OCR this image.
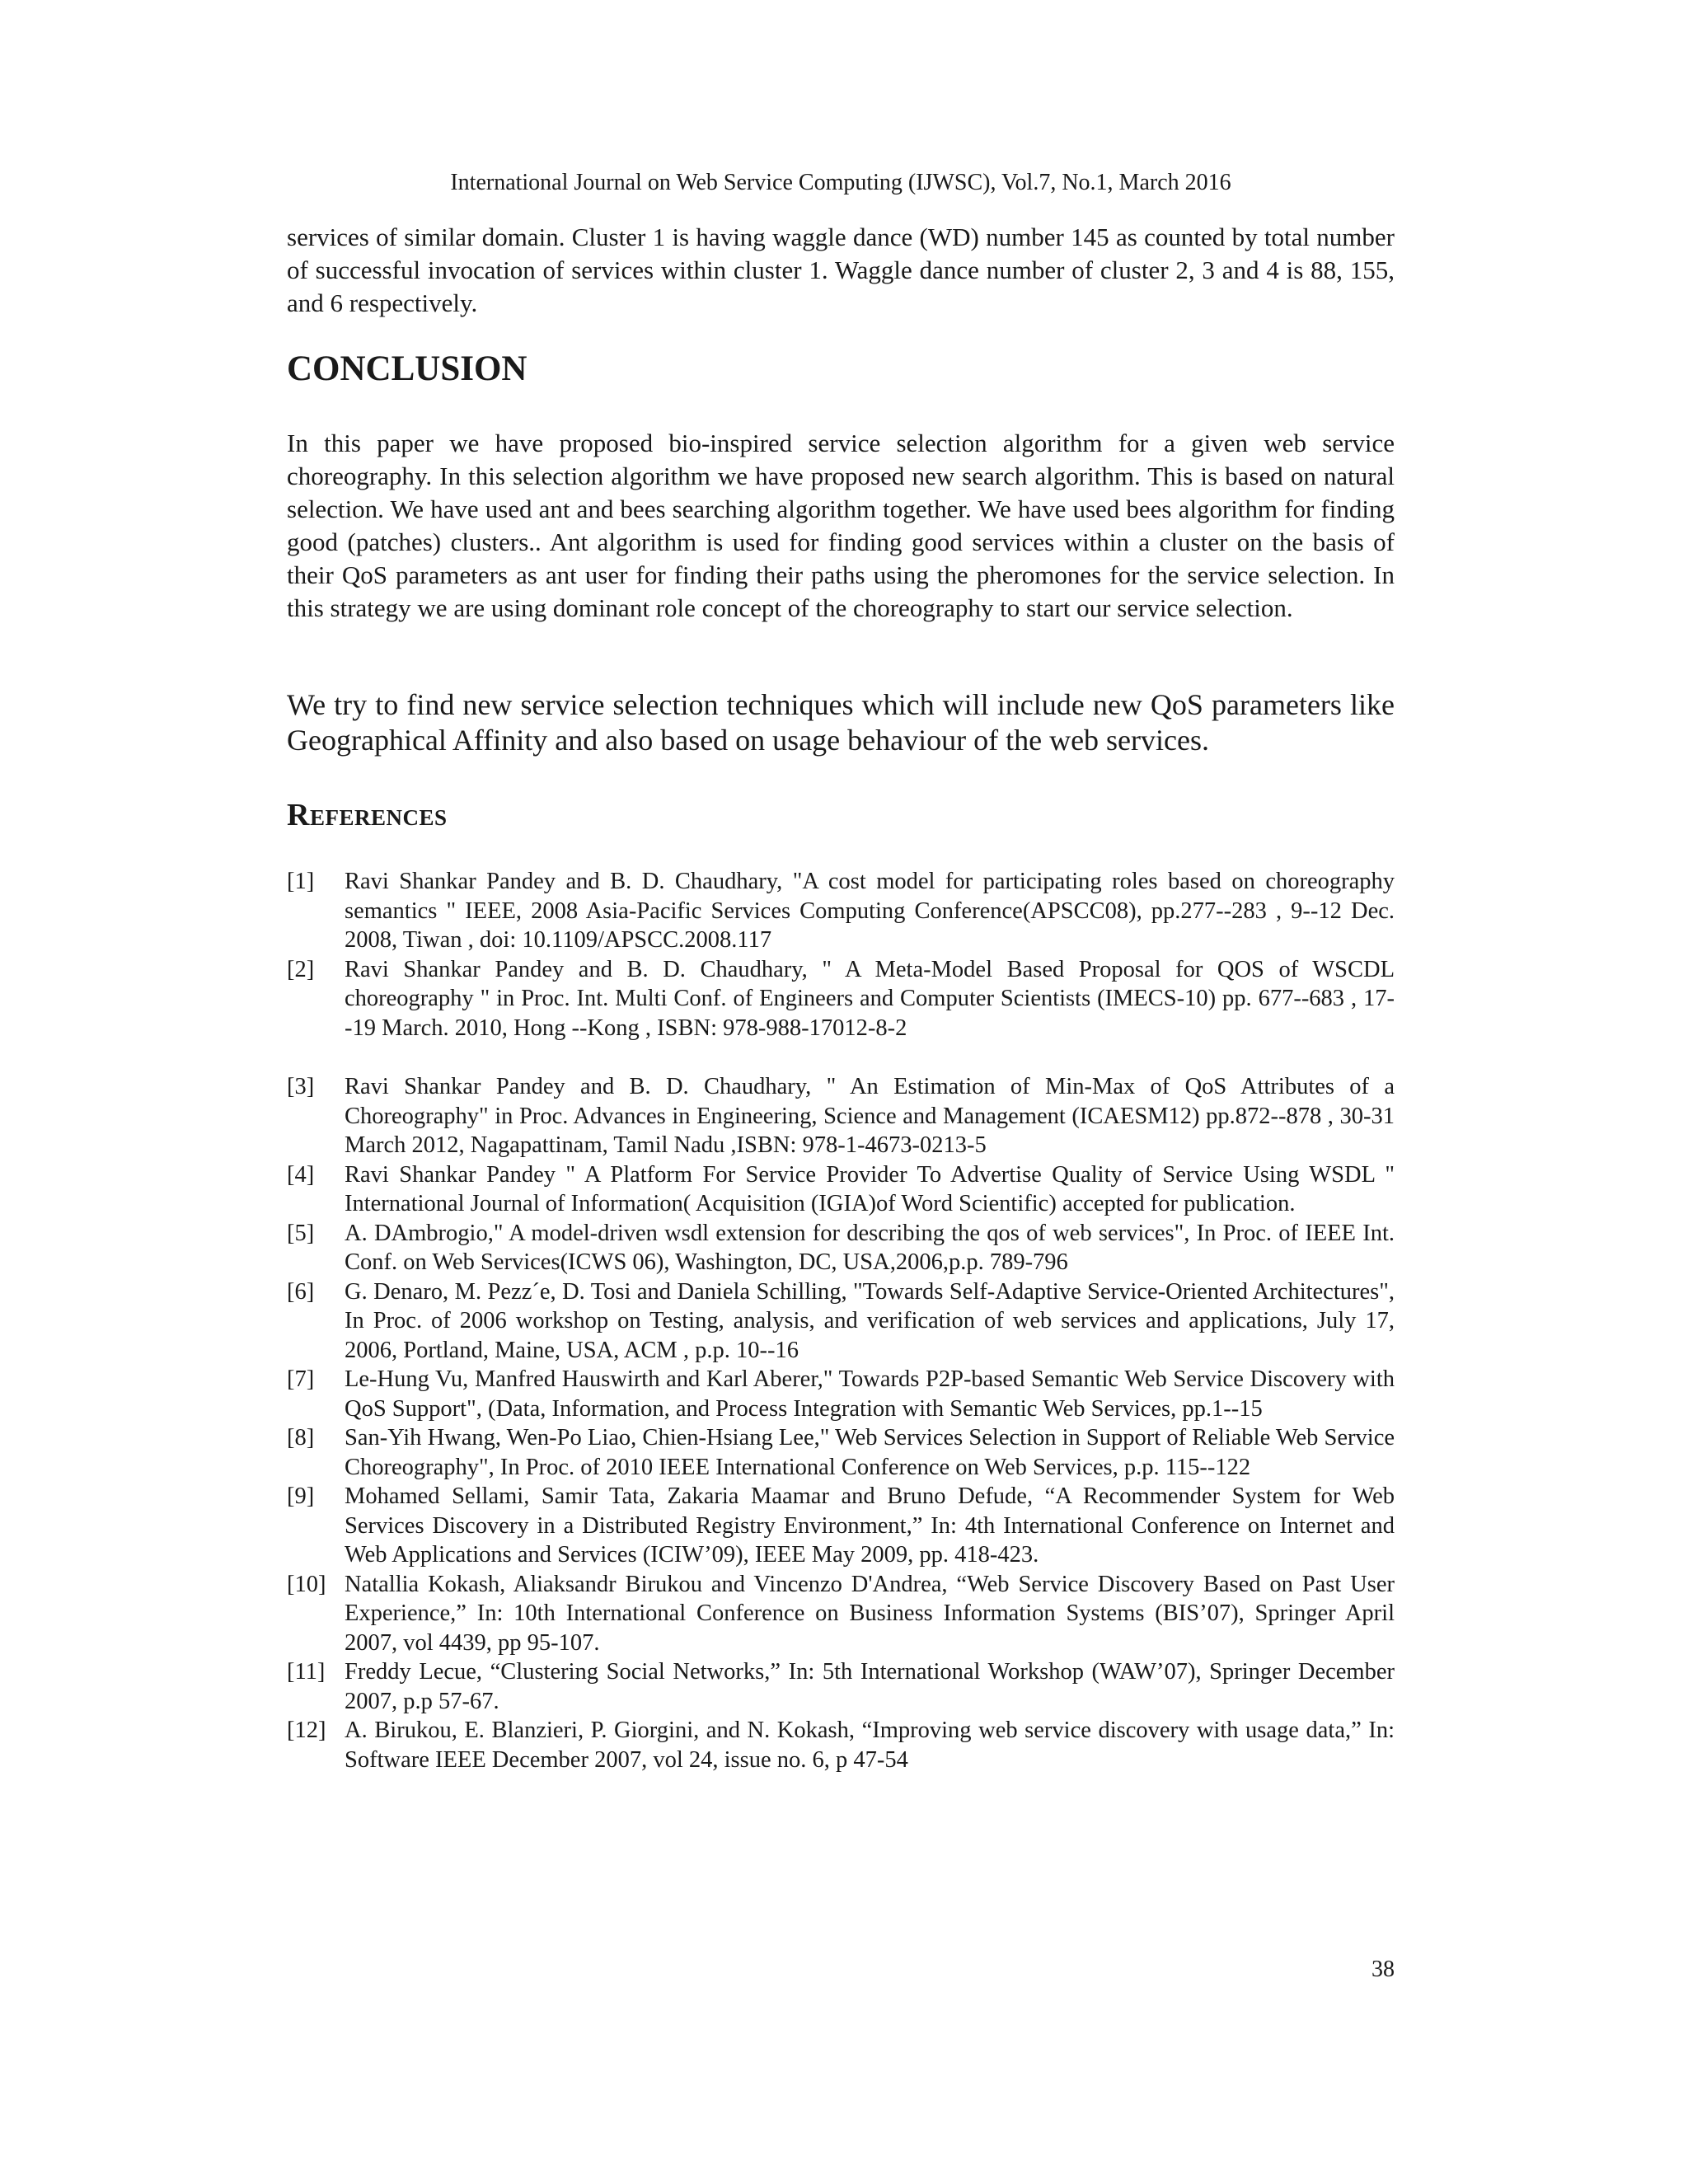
International Journal on Web Service Computing (IJWSC), Vol.7, No.1, March 2016

services of similar domain. Cluster 1 is having waggle dance (WD) number 145 as counted by total number of successful invocation of services within cluster 1. Waggle dance number of cluster 2, 3 and 4 is 88, 155, and 6 respectively.

CONCLUSION

In this paper we have proposed bio-inspired service selection algorithm for a given web service choreography. In this selection algorithm we have proposed new search algorithm. This is based on natural selection. We have used ant and bees searching algorithm together. We have used bees algorithm for finding good (patches) clusters.. Ant algorithm is used for finding good services within a cluster on the basis of their QoS parameters as ant user for finding their paths using the pheromones for the service selection. In this strategy we are using dominant role concept of the choreography to start our service selection.

We try to find new service selection techniques which will include new QoS parameters like Geographical Affinity and also based on usage behaviour of the web services.

References
[1]	Ravi Shankar Pandey and B. D. Chaudhary, "A cost model for participating roles based on choreography semantics " IEEE, 2008 Asia-Pacific Services Computing Conference(APSCC08), pp.277--283 , 9--12 Dec. 2008, Tiwan , doi: 10.1109/APSCC.2008.117
[2]	Ravi Shankar Pandey and B. D. Chaudhary, " A Meta-Model Based Proposal for QOS of WSCDL choreography " in Proc. Int. Multi Conf. of Engineers and Computer Scientists (IMECS-10) pp. 677--683 , 17--19 March. 2010, Hong --Kong , ISBN: 978-988-17012-8-2
[3]	Ravi Shankar Pandey and B. D. Chaudhary, " An Estimation of Min-Max of QoS Attributes of a Choreography" in Proc. Advances in Engineering, Science and Management (ICAESM12) pp.872--878 , 30-31 March 2012, Nagapattinam, Tamil Nadu ,ISBN: 978-1-4673-0213-5
[4]	Ravi Shankar Pandey " A Platform For Service Provider To Advertise Quality of Service Using WSDL " International Journal of Information( Acquisition (IGIA)of Word Scientific) accepted for publication.
[5]	A. DAmbrogio," A model-driven wsdl extension for describing the qos of web services", In Proc. of IEEE Int. Conf. on Web Services(ICWS 06), Washington, DC, USA,2006,p.p. 789-796
[6]	G. Denaro, M. Pezz´e, D. Tosi and Daniela Schilling, "Towards Self-Adaptive Service-Oriented Architectures", In Proc. of 2006 workshop on Testing, analysis, and verification of web services and applications, July 17, 2006, Portland, Maine, USA, ACM , p.p. 10--16
[7]	Le-Hung Vu, Manfred Hauswirth and Karl Aberer," Towards P2P-based Semantic Web Service Discovery with QoS Support", (Data, Information, and Process Integration with Semantic Web Services, pp.1--15
[8]	San-Yih Hwang, Wen-Po Liao, Chien-Hsiang Lee," Web Services Selection in Support of Reliable Web Service Choreography", In Proc. of 2010 IEEE International Conference on Web Services, p.p. 115--122
[9]	Mohamed Sellami, Samir Tata, Zakaria Maamar and Bruno Defude, “A Recommender System for Web Services Discovery in a Distributed Registry Environment,” In: 4th International Conference on Internet and Web Applications and Services (ICIW’09), IEEE May 2009, pp. 418-423.
[10] Natallia Kokash, Aliaksandr Birukou and Vincenzo D'Andrea, “Web Service Discovery Based on Past User Experience,” In: 10th International Conference on Business Information Systems (BIS’07), Springer April 2007, vol 4439, pp 95-107.
[11] Freddy Lecue, “Clustering Social Networks,” In: 5th International Workshop (WAW’07), Springer December 2007, p.p 57-67.
[12] A. Birukou, E. Blanzieri, P. Giorgini, and N. Kokash, “Improving web service discovery with usage data,” In: Software IEEE December 2007, vol 24, issue no. 6, p 47-54
38
